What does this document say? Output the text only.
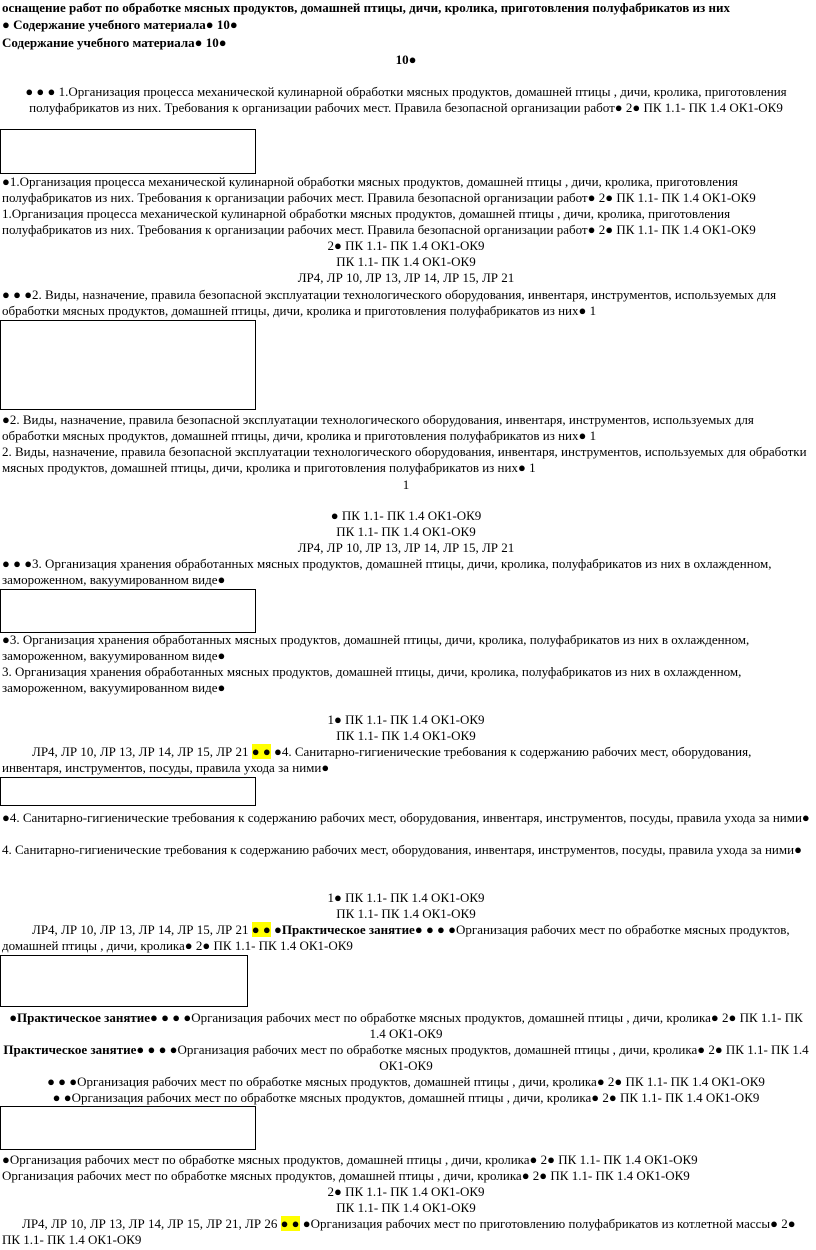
оснащение работ по обработке мясных продуктов, домашней птицы, дичи, кролика, приготовления полуфабрикатов из них
● Содержание учебного материала● 10●
Содержание учебного материала● 10●
10●
● ● ● 1.Организация процесса механической кулинарной обработки мясных продуктов, домашней птицы , дичи, кролика, приготовления полуфабрикатов из них. Требования к организации рабочих мест. Правила безопасной организации работ● 2● ПК 1.1- ПК 1.4 ОК1-ОК9
●1.Организация процесса механической кулинарной обработки мясных продуктов, домашней птицы , дичи, кролика, приготовления полуфабрикатов из них. Требования к организации рабочих мест. Правила безопасной организации работ● 2● ПК 1.1- ПК 1.4 ОК1-ОК9
1.Организация процесса механической кулинарной обработки мясных продуктов, домашней птицы , дичи, кролика, приготовления полуфабрикатов из них. Требования к организации рабочих мест. Правила безопасной организации работ● 2● ПК 1.1- ПК 1.4 ОК1-ОК9
2● ПК 1.1- ПК 1.4 ОК1-ОК9
ПК 1.1- ПК 1.4 ОК1-ОК9
ЛР4, ЛР 10, ЛР 13, ЛР 14, ЛР 15, ЛР 21
● ● ●2. Виды, назначение, правила безопасной эксплуатации технологического оборудования, инвентаря, инструментов, используемых для обработки мясных продуктов, домашней птицы, дичи, кролика и приготовления полуфабрикатов из них● 1
●2. Виды, назначение, правила безопасной эксплуатации технологического оборудования, инвентаря, инструментов, используемых для обработки мясных продуктов, домашней птицы, дичи, кролика и приготовления полуфабрикатов из них● 1
2. Виды, назначение, правила безопасной эксплуатации технологического оборудования, инвентаря, инструментов, используемых для обработки мясных продуктов, домашней птицы, дичи, кролика и приготовления полуфабрикатов из них● 1
1
● ПК 1.1- ПК 1.4 ОК1-ОК9
ПК 1.1- ПК 1.4 ОК1-ОК9
ЛР4, ЛР 10, ЛР 13, ЛР 14, ЛР 15, ЛР 21
● ● ●3. Организация хранения обработанных мясных продуктов, домашней птицы, дичи, кролика, полуфабрикатов из них в охлажденном, замороженном, вакуумированном виде●
●3. Организация хранения обработанных мясных продуктов, домашней птицы, дичи, кролика, полуфабрикатов из них в охлажденном, замороженном, вакуумированном виде●
3. Организация хранения обработанных мясных продуктов, домашней птицы, дичи, кролика, полуфабрикатов из них в охлажденном, замороженном, вакуумированном виде●
1● ПК 1.1- ПК 1.4 ОК1-ОК9
ПК 1.1- ПК 1.4 ОК1-ОК9
ЛР4, ЛР 10, ЛР 13, ЛР 14, ЛР 15, ЛР 21 ● ● ●4. Санитарно-гигиенические требования к содержанию рабочих мест, оборудования, инвентаря, инструментов, посуды, правила ухода за ними●
●4. Санитарно-гигиенические требования к содержанию рабочих мест, оборудования, инвентаря, инструментов, посуды, правила ухода за ними●
4. Санитарно-гигиенические требования к содержанию рабочих мест, оборудования, инвентаря, инструментов, посуды, правила ухода за ними●
1● ПК 1.1- ПК 1.4 ОК1-ОК9
ПК 1.1- ПК 1.4 ОК1-ОК9
ЛР4, ЛР 10, ЛР 13, ЛР 14, ЛР 15, ЛР 21 ● ● ●Практическое занятие● ● ● ●Организация рабочих мест по обработке мясных продуктов, домашней птицы , дичи, кролика● 2● ПК 1.1- ПК 1.4 ОК1-ОК9
●Практическое занятие● ● ● ●Организация рабочих мест по обработке мясных продуктов, домашней птицы , дичи, кролика● 2● ПК 1.1- ПК 1.4 ОК1-ОК9
Практическое занятие● ● ● ●Организация рабочих мест по обработке мясных продуктов, домашней птицы , дичи, кролика● 2● ПК 1.1- ПК 1.4 ОК1-ОК9
● ● ●Организация рабочих мест по обработке мясных продуктов, домашней птицы , дичи, кролика● 2● ПК 1.1- ПК 1.4 ОК1-ОК9
● ●Организация рабочих мест по обработке мясных продуктов, домашней птицы , дичи, кролика● 2● ПК 1.1- ПК 1.4 ОК1-ОК9
●Организация рабочих мест по обработке мясных продуктов, домашней птицы , дичи, кролика● 2● ПК 1.1- ПК 1.4 ОК1-ОК9
Организация рабочих мест по обработке мясных продуктов, домашней птицы , дичи, кролика● 2● ПК 1.1- ПК 1.4 ОК1-ОК9
2● ПК 1.1- ПК 1.4 ОК1-ОК9
ПК 1.1- ПК 1.4 ОК1-ОК9
ЛР4, ЛР 10, ЛР 13, ЛР 14, ЛР 15, ЛР 21, ЛР 26 ● ● ●Организация рабочих мест по приготовлению полуфабрикатов из котлетной массы● 2● ПК 1.1- ПК 1.4 ОК1-ОК9
